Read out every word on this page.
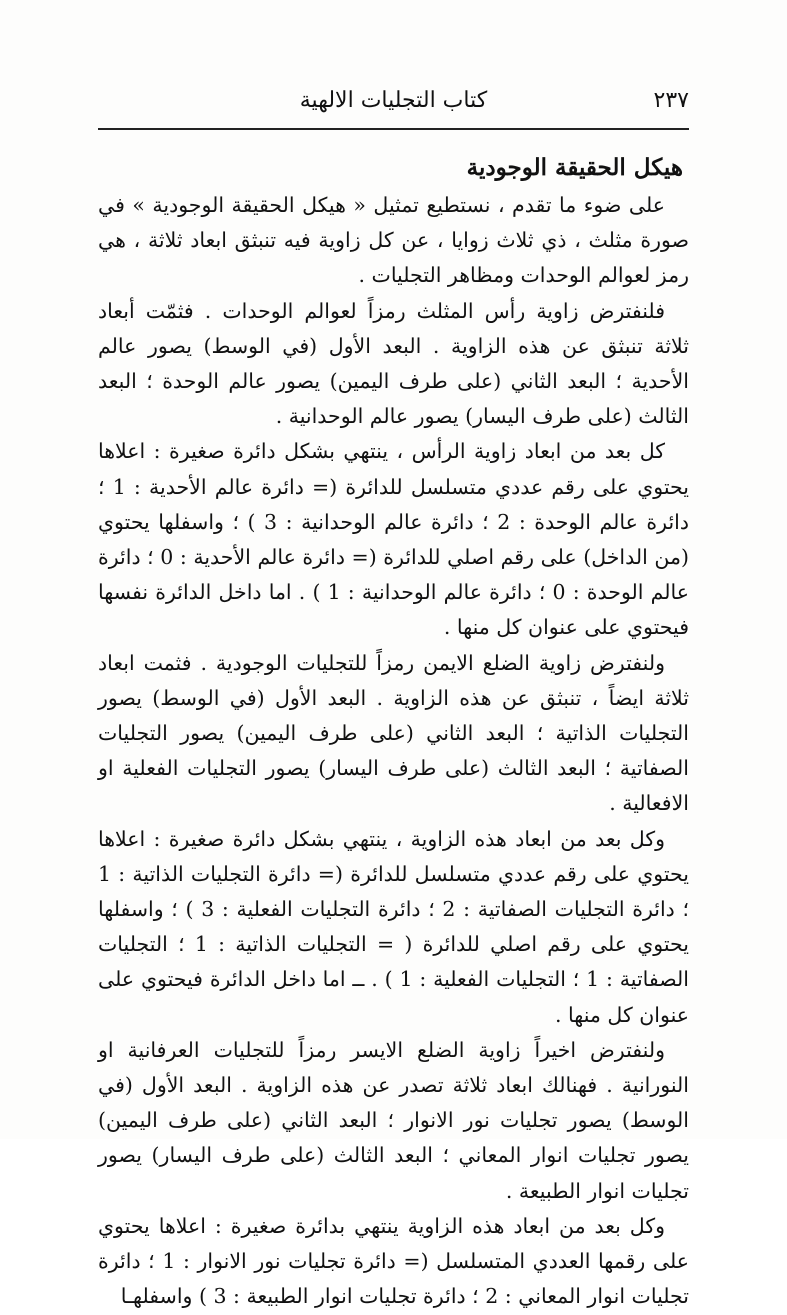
٢٣٧
كتاب التجليات الالهية
هيكل الحقيقة الوجودية

على ضوء ما تقدم ، نستطيع تمثيل « هيكل الحقيقة الوجودية » في صورة مثلث ، ذي ثلاث زوايا ، عن كل زاوية فيه تنبثق ابعاد ثلاثة ، هي رمز لعوالم الوحدات ومظاهر التجليات .

فلنفترض زاوية رأس المثلث رمزاً لعوالم الوحدات . فثمّت أبعاد ثلاثة تنبثق عن هذه الزاوية . البعد الأول (في الوسط) يصور عالم الأحدية ؛ البعد الثاني (على طرف اليمين) يصور عالم الوحدة ؛ البعد الثالث (على طرف اليسار) يصور عالم الوحدانية .

كل بعد من ابعاد زاوية الرأس ، ينتهي بشكل دائرة صغيرة : اعلاها يحتوي على رقم عددي متسلسل للدائرة (= دائرة عالم الأحدية : 1 ؛ دائرة عالم الوحدة : 2 ؛ دائرة عالم الوحدانية : 3 ) ؛ واسفلها يحتوي (من الداخل) على رقم اصلي للدائرة (= دائرة عالم الأحدية : 0 ؛ دائرة عالم الوحدة : 0 ؛ دائرة عالم الوحدانية : 1 ) . اما داخل الدائرة نفسها فيحتوي على عنوان كل منها .

ولنفترض زاوية الضلع الايمن رمزاً للتجليات الوجودية . فثمت ابعاد ثلاثة ايضاً ، تنبثق عن هذه الزاوية . البعد الأول (في الوسط) يصور التجليات الذاتية ؛ البعد الثاني (على طرف اليمين) يصور التجليات الصفاتية ؛ البعد الثالث (على طرف اليسار) يصور التجليات الفعلية او الافعالية .

وكل بعد من ابعاد هذه الزاوية ، ينتهي بشكل دائرة صغيرة : اعلاها يحتوي على رقم عددي متسلسل للدائرة (= دائرة التجليات الذاتية : 1 ؛ دائرة التجليات الصفاتية : 2 ؛ دائرة التجليات الفعلية : 3 ) ؛ واسفلها يحتوي على رقم اصلي للدائرة ( = التجليات الذاتية : 1 ؛ التجليات الصفاتية : 1 ؛ التجليات الفعلية : 1 ) . ــ اما داخل الدائرة فيحتوي على عنوان كل منها .

ولنفترض اخيراً زاوية الضلع الايسر رمزاً للتجليات العرفانية او النورانية . فهنالك ابعاد ثلاثة تصدر عن هذه الزاوية . البعد الأول (في الوسط) يصور تجليات نور الانوار ؛ البعد الثاني (على طرف اليمين) يصور تجليات انوار المعاني ؛ البعد الثالث (على طرف اليسار) يصور تجليات انوار الطبيعة .

وكل بعد من ابعاد هذه الزاوية ينتهي بدائرة صغيرة : اعلاها يحتوي على رقمها العددي المتسلسل (= دائرة تجليات نور الانوار : 1 ؛ دائرة تجليات انوار المعاني : 2 ؛ دائرة تجليات انوار الطبيعة : 3 ) واسفلهـا
